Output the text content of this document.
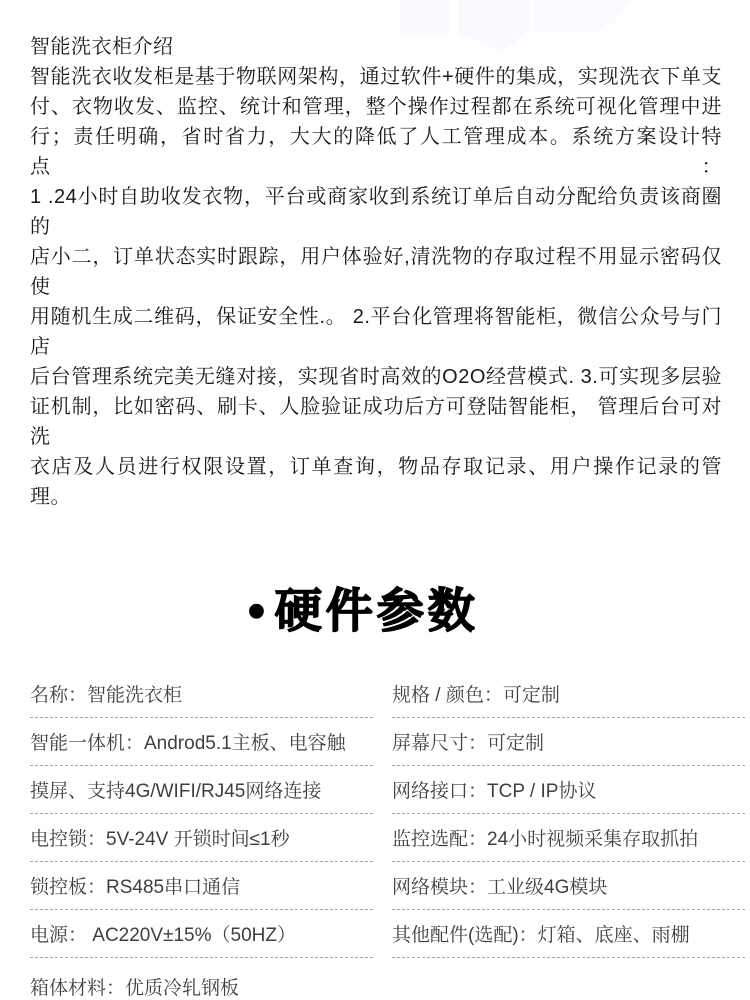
智能洗衣柜介绍
智能洗衣收发柜是基于物联网架构，通过软件+硬件的集成，实现洗衣下单支
付、衣物收发、监控、统计和管理，整个操作过程都在系统可视化管理中进
行；责任明确，省时省力，大大的降低了人工管理成本。系统方案设计特点：
1 .24小时自助收发衣物，平台或商家收到系统订单后自动分配给负责该商圈的
店小二，订单状态实时跟踪，用户体验好,清洗物的存取过程不用显示密码仅使
用随机生成二维码，保证安全性.。 2.平台化管理将智能柜，微信公众号与门店
后台管理系统完美无缝对接，实现省时高效的O2O经营模式. 3.可实现多层验
证机制，比如密码、刷卡、人脸验证成功后方可登陆智能柜， 管理后台可对洗
衣店及人员进行权限设置，订单查询，物品存取记录、用户操作记录的管理。
• 硬件参数
名称：智能洗衣柜
智能一体机：Androd5.1主板、电容触
摸屏、支持4G/WIFI/RJ45网络连接
电控锁：5V-24V 开锁时间≤1秒
锁控板：RS485串口通信
电源： AC220V±15%（50HZ）
箱体材料：优质冷轧钢板
规格 / 颜色：可定制
屏幕尺寸：可定制
网络接口：TCP / IP协议
监控选配：24小时视频采集存取抓拍
网络模块：工业级4G模块
其他配件(选配)：灯箱、底座、雨棚
